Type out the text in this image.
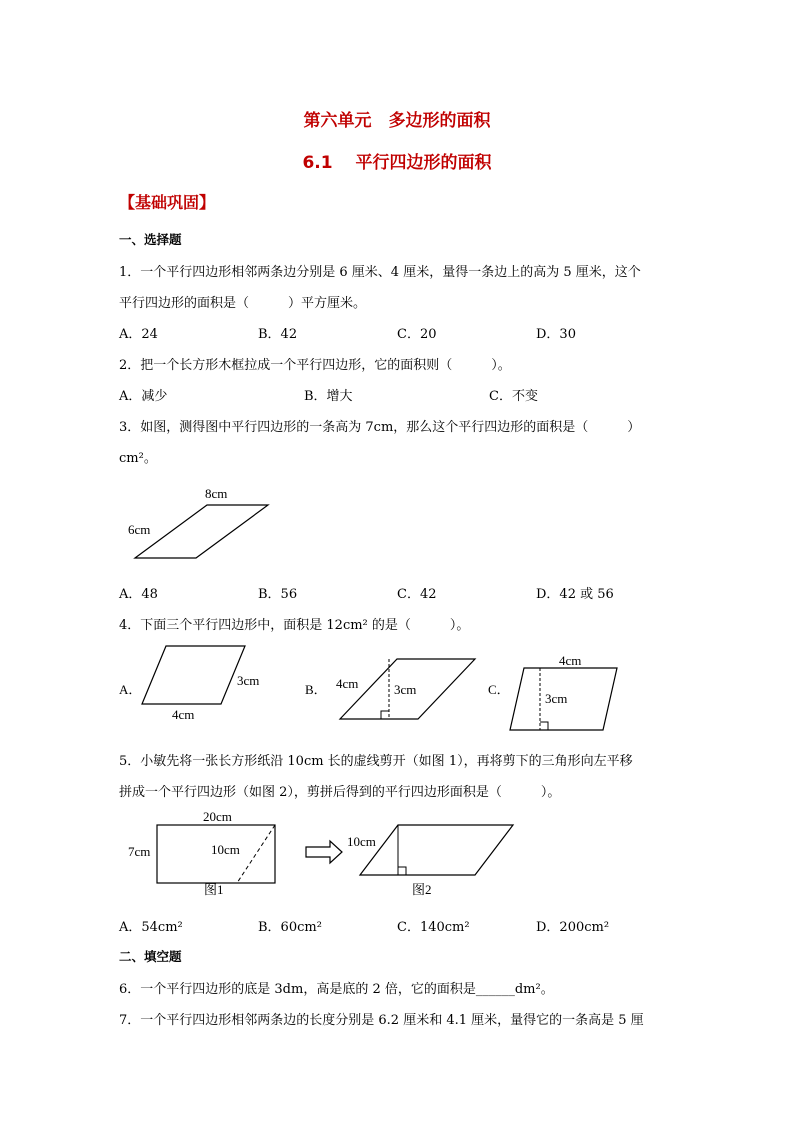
第六单元　多边形的面积
6.1　 平行四边形的面积
【基础巩固】
一、选择题
1．一个平行四边形相邻两条边分别是 6 厘米、4 厘米，量得一条边上的高为 5 厘米，这个
平行四边形的面积是（　　　）平方厘米。
A．24	B．42	C．20	D．30
2．把一个长方形木框拉成一个平行四边形，它的面积则（　　　）。
A．减少	B．增大	C．不变
3．如图，测得图中平行四边形的一条高为 7cm，那么这个平行四边形的面积是（　　　）
cm²。
8cm
6cm
A．48	B．56	C．42	D．42 或 56
4．下面三个平行四边形中，面积是 12cm² 的是（　　　）。
A．
3cm
4cm
B． 4cm	3cm	C．
4cm
3cm
5．小敏先将一张长方形纸沿 10cm 长的虚线剪开（如图 1），再将剪下的三角形向左平移
拼成一个平行四边形（如图 2），剪拼后得到的平行四边形面积是（　　　）。
20cm
7cm	10cm
图1
10cm
图2
A．54cm²	B．60cm²	C．140cm²	D．200cm²
二、填空题
6．一个平行四边形的底是 3dm，高是底的 2 倍，它的面积是______dm²。
7．一个平行四边形相邻两条边的长度分别是 6.2 厘米和 4.1 厘米，量得它的一条高是 5 厘
